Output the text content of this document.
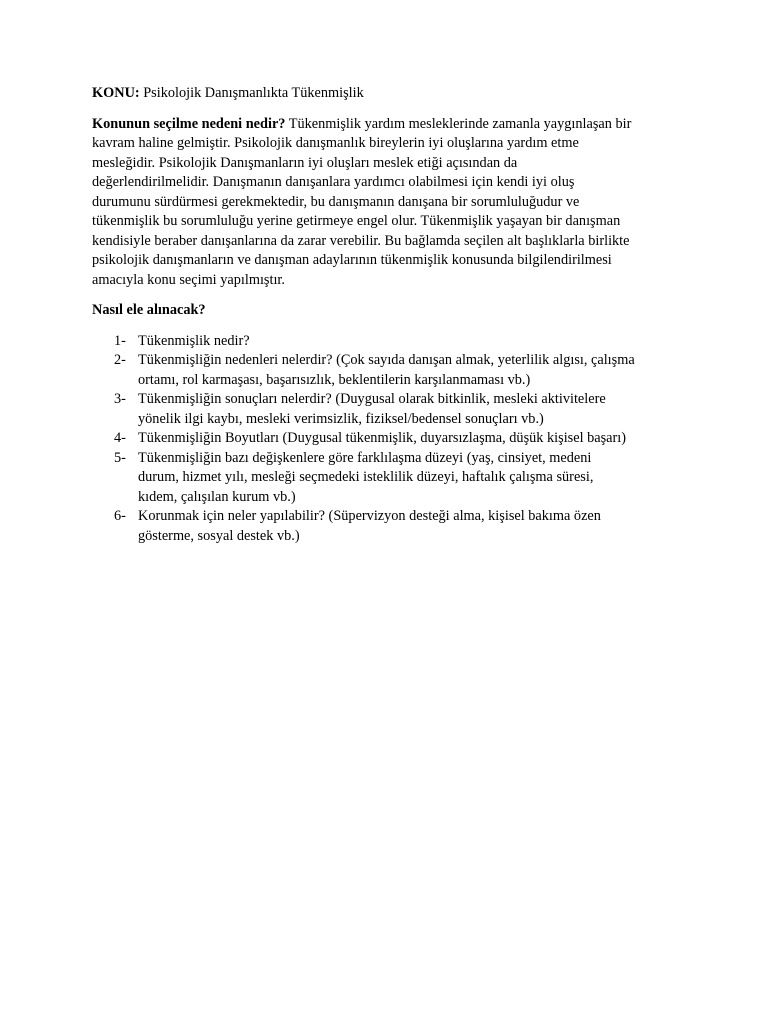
KONU: Psikolojik Danışmanlıkta Tükenmişlik

Konunun seçilme nedeni nedir? Tükenmişlik yardım mesleklerinde zamanla yaygınlaşan bir

kavram haline gelmiştir. Psikolojik danışmanlık bireylerin iyi oluşlarına yardım etme

mesleğidir. Psikolojik Danışmanların iyi oluşları meslek etiği açısından da

değerlendirilmelidir. Danışmanın danışanlara yardımcı olabilmesi için kendi iyi oluş

durumunu sürdürmesi gerekmektedir, bu danışmanın danışana bir sorumluluğudur ve

tükenmişlik bu sorumluluğu yerine getirmeye engel olur. Tükenmişlik yaşayan bir danışman

kendisiyle beraber danışanlarına da zarar verebilir. Bu bağlamda seçilen alt başlıklarla birlikte

psikolojik danışmanların ve danışman adaylarının tükenmişlik konusunda bilgilendirilmesi

amacıyla konu seçimi yapılmıştır.

Nasıl ele alınacak?

1- Tükenmişlik nedir?
2- Tükenmişliğin nedenleri nelerdir? (Çok sayıda danışan almak, yeterlilik algısı, çalışma
ortamı, rol karmaşası, başarısızlık, beklentilerin karşılanmaması vb.)
3- Tükenmişliğin sonuçları nelerdir? (Duygusal olarak bitkinlik, mesleki aktivitelere
yönelik ilgi kaybı, mesleki verimsizlik, fiziksel/bedensel sonuçları vb.)
4- Tükenmişliğin Boyutları (Duygusal tükenmişlik, duyarsızlaşma, düşük kişisel başarı)
5- Tükenmişliğin bazı değişkenlere göre farklılaşma düzeyi (yaş, cinsiyet, medeni
durum, hizmet yılı, mesleği seçmedeki isteklilik düzeyi, haftalık çalışma süresi,
kıdem, çalışılan kurum vb.)
6- Korunmak için neler yapılabilir? (Süpervizyon desteği alma, kişisel bakıma özen
gösterme, sosyal destek vb.)
